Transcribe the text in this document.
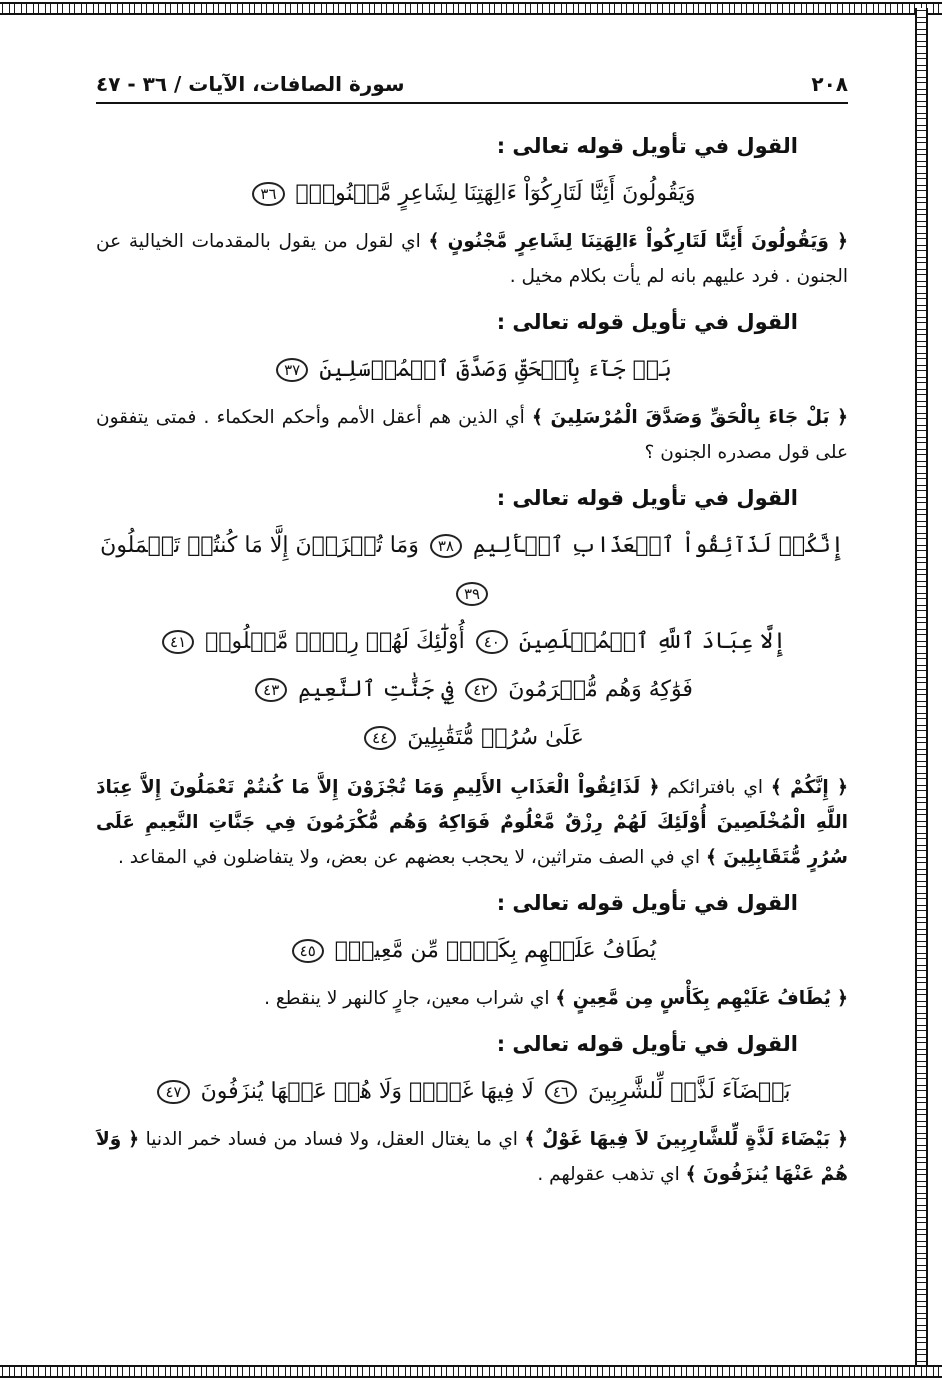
٢٠٨
سورة الصافات، الآيات / ٣٦ - ٤٧
القول في تأويل قوله تعالى :
وَيَقُولُونَ أَئِنَّا لَتَارِكُوٓاْ ءَالِهَتِنَا لِشَاعِرٍ مَّجۡنُونِۭ ٣٦

﴿ وَيَقُولُونَ أَئِنَّا لَتَارِكُواْ ءَالِهَتِنَا لِشَاعِرٍ مَّجْنُونٍ ﴾ اي لقول من يقول بالمقدمات الخيالية عن الجنون . فرد عليهم بانه لم يأت بكلام مخيل .

القول في تأويل قوله تعالى :
بَلۡ جَآءَ بِٱلۡحَقِّ وَصَدَّقَ ٱلۡمُرۡسَلِينَ ٣٧

﴿ بَلْ جَاءَ بِالْحَقِّ وَصَدَّقَ الْمُرْسَلِينَ ﴾ أي الذين هم أعقل الأمم وأحكم الحكماء . فمتى يتفقون على قول مصدره الجنون ؟

القول في تأويل قوله تعالى :
إِنَّكُمۡ لَذَآئِقُواْ ٱلۡعَذَابِ ٱلۡأَلِيمِ ٣٨ وَمَا تُجۡزَوۡنَ إِلَّا مَا كُنتُمۡ تَعۡمَلُونَ ٣٩
إِلَّا عِبَادَ ٱللَّهِ ٱلۡمُخۡلَصِينَ ٤٠ أُوْلَٰٓئِكَ لَهُمۡ رِزۡقٞ مَّعۡلُومٞ ٤١
فَوَٰكِهُ وَهُم مُّكۡرَمُونَ ٤٢ فِي جَنَّٰتِ ٱلنَّعِيمِ ٤٣
عَلَىٰ سُرُرٖ مُّتَقَٰبِلِينَ ٤٤

﴿ إِنَّكُمْ ﴾ اي بافترائكم ﴿ لَذَائِقُواْ الْعَذَابِ الأَلِيمِ وَمَا تُجْزَوْنَ إِلاَّ مَا كُنتُمْ تَعْمَلُونَ إِلاَّ عِبَادَ اللَّهِ الْمُخْلَصِينَ أُوْلَئِكَ لَهُمْ رِزْقٌ مَّعْلُومٌ فَوَاكِهُ وَهُم مُّكْرَمُونَ فِي جَنَّاتِ النَّعِيمِ عَلَى سُرُرٍ مُّتَقَابِلِينَ ﴾ اي في الصف متراثين، لا يحجب بعضهم عن بعض، ولا يتفاضلون في المقاعد .

القول في تأويل قوله تعالى :
يُطَافُ عَلَيۡهِم بِكَأۡسٖ مِّن مَّعِينِۭ ٤٥

﴿ يُطَافُ عَلَيْهِم بِكَأْسٍ مِن مَّعِينٍ ﴾ اي شراب معين، جارٍ كالنهر لا ينقطع .

القول في تأويل قوله تعالى :
بَيۡضَآءَ لَذَّةٖ لِّلشَّٰرِبِينَ ٤٦ لَا فِيهَا غَوۡلٞ وَلَا هُمۡ عَنۡهَا يُنزَفُونَ ٤٧

﴿ بَيْضَاءَ لَذَّةٍ لِّلشَّارِبِينَ لاَ فِيهَا غَوْلٌ ﴾ اي ما يغتال العقل، ولا فساد من فساد خمر الدنيا ﴿ وَلاَ هُمْ عَنْهَا يُنزَفُونَ ﴾ اي تذهب عقولهم .
